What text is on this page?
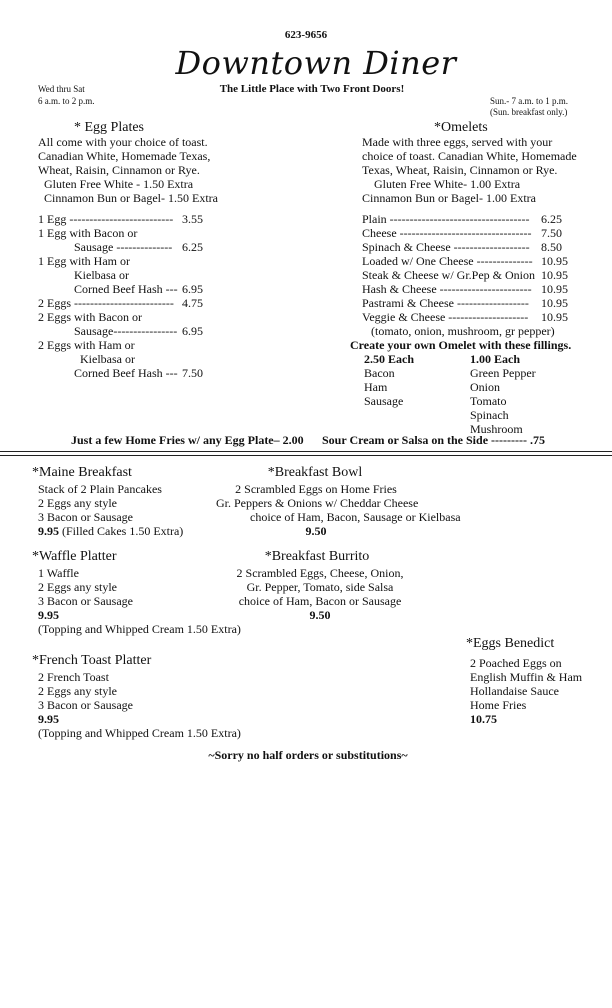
623-9656
Downtown Diner
The Little Place with Two Front Doors!
Wed thru Sat
6 a.m. to 2 p.m.	Sun.- 7 a.m. to 1 p.m.
(Sun. breakfast only.)
* Egg Plates
All come with your choice of toast.
Canadian White, Homemade Texas,
Wheat, Raisin, Cinnamon or Rye.
Gluten Free White - 1.50 Extra
Cinnamon Bun or Bagel- 1.50 Extra
1 Egg -------------------------- 3.55
1 Egg with Bacon or
Sausage -------------- 6.25
1 Egg with Ham or
Kielbasa or
Corned Beef Hash --- 6.95
2 Eggs ------------------------- 4.75
2 Eggs with Bacon or
Sausage---------------- 6.95
2 Eggs with Ham or
Kielbasa or
Corned Beef Hash --- 7.50
*Omelets
Made with three eggs, served with your
choice of toast. Canadian White, Homemade
Texas, Wheat, Raisin, Cinnamon or Rye.
Gluten Free White- 1.00 Extra
Cinnamon Bun or Bagel- 1.00 Extra
Plain ----------------------------------- 6.25
Cheese --------------------------------- 7.50
Spinach & Cheese ------------------- 8.50
Loaded w/ One Cheese -------------- 10.95
Steak & Cheese w/ Gr.Pep & Onion 10.95
Hash & Cheese ----------------------- 10.95
Pastrami & Cheese ------------------ 10.95
Veggie & Cheese -------------------- 10.95
(tomato, onion, mushroom, gr pepper)
Create your own Omelet with these fillings.
2.50 Each
Bacon
Ham
Sausage
1.00 Each
Green Pepper
Onion
Tomato
Spinach
Mushroom
Just a few Home Fries w/ any Egg Plate– 2.00 Sour Cream or Salsa on the Side --------- .75
*Maine Breakfast
Stack of 2 Plain Pancakes
2 Eggs any style
3 Bacon or Sausage
9.95 (Filled Cakes 1.50 Extra)
*Breakfast Bowl
2 Scrambled Eggs on Home Fries
Gr. Peppers & Onions w/ Cheddar Cheese
choice of Ham, Bacon, Sausage or Kielbasa
9.50
*Waffle Platter
1 Waffle
2 Eggs any style
3 Bacon or Sausage
9.95
(Topping and Whipped Cream 1.50 Extra)
*Breakfast Burrito
2 Scrambled Eggs, Cheese, Onion,
Gr. Pepper, Tomato, side Salsa
choice of Ham, Bacon or Sausage
9.50
*Eggs Benedict
2 Poached Eggs on
English Muffin & Ham
Hollandaise Sauce
Home Fries
10.75
*French Toast Platter
2 French Toast
2 Eggs any style
3 Bacon or Sausage
9.95
(Topping and Whipped Cream 1.50 Extra)
~Sorry no half orders or substitutions~
